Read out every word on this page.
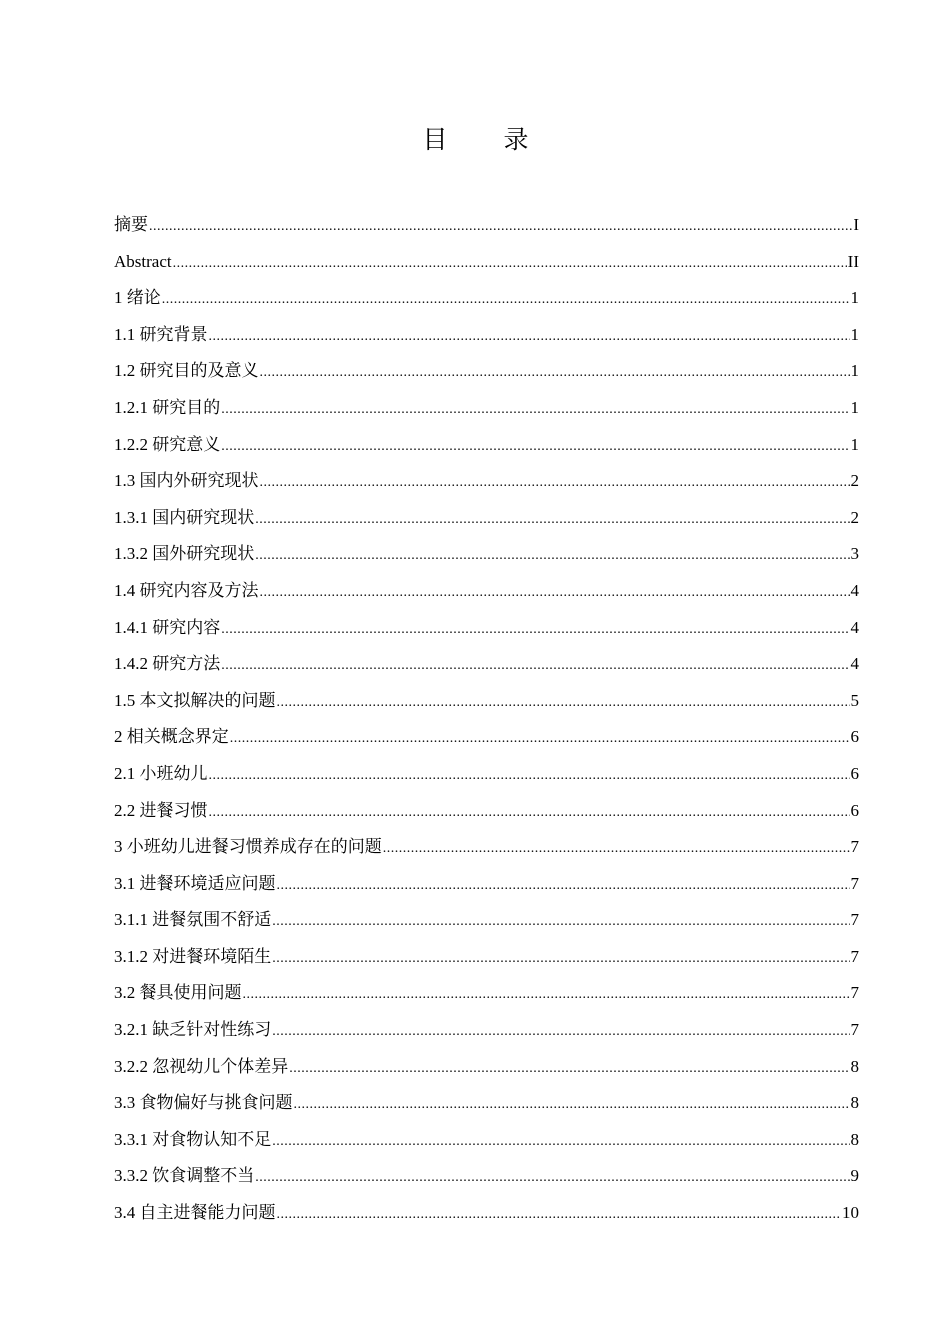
目 录
摘要 .....	I
Abstract .....	II
1 绪论 .....	1
1.1 研究背景 .....	1
1.2 研究目的及意义 .....	1
1.2.1 研究目的 .....	1
1.2.2 研究意义 .....	1
1.3 国内外研究现状 .....	2
1.3.1 国内研究现状 .....	2
1.3.2 国外研究现状 .....	3
1.4 研究内容及方法 .....	4
1.4.1 研究内容 .....	4
1.4.2 研究方法 .....	4
1.5 本文拟解决的问题 .....	5
2 相关概念界定 .....	6
2.1 小班幼儿 .....	6
2.2 进餐习惯 .....	6
3 小班幼儿进餐习惯养成存在的问题 .....	7
3.1 进餐环境适应问题 .....	7
3.1.1 进餐氛围不舒适 .....	7
3.1.2 对进餐环境陌生 .....	7
3.2 餐具使用问题 .....	7
3.2.1 缺乏针对性练习 .....	7
3.2.2 忽视幼儿个体差异 .....	8
3.3 食物偏好与挑食问题 .....	8
3.3.1 对食物认知不足 .....	8
3.3.2 饮食调整不当 .....	9
3.4 自主进餐能力问题 .....	10
